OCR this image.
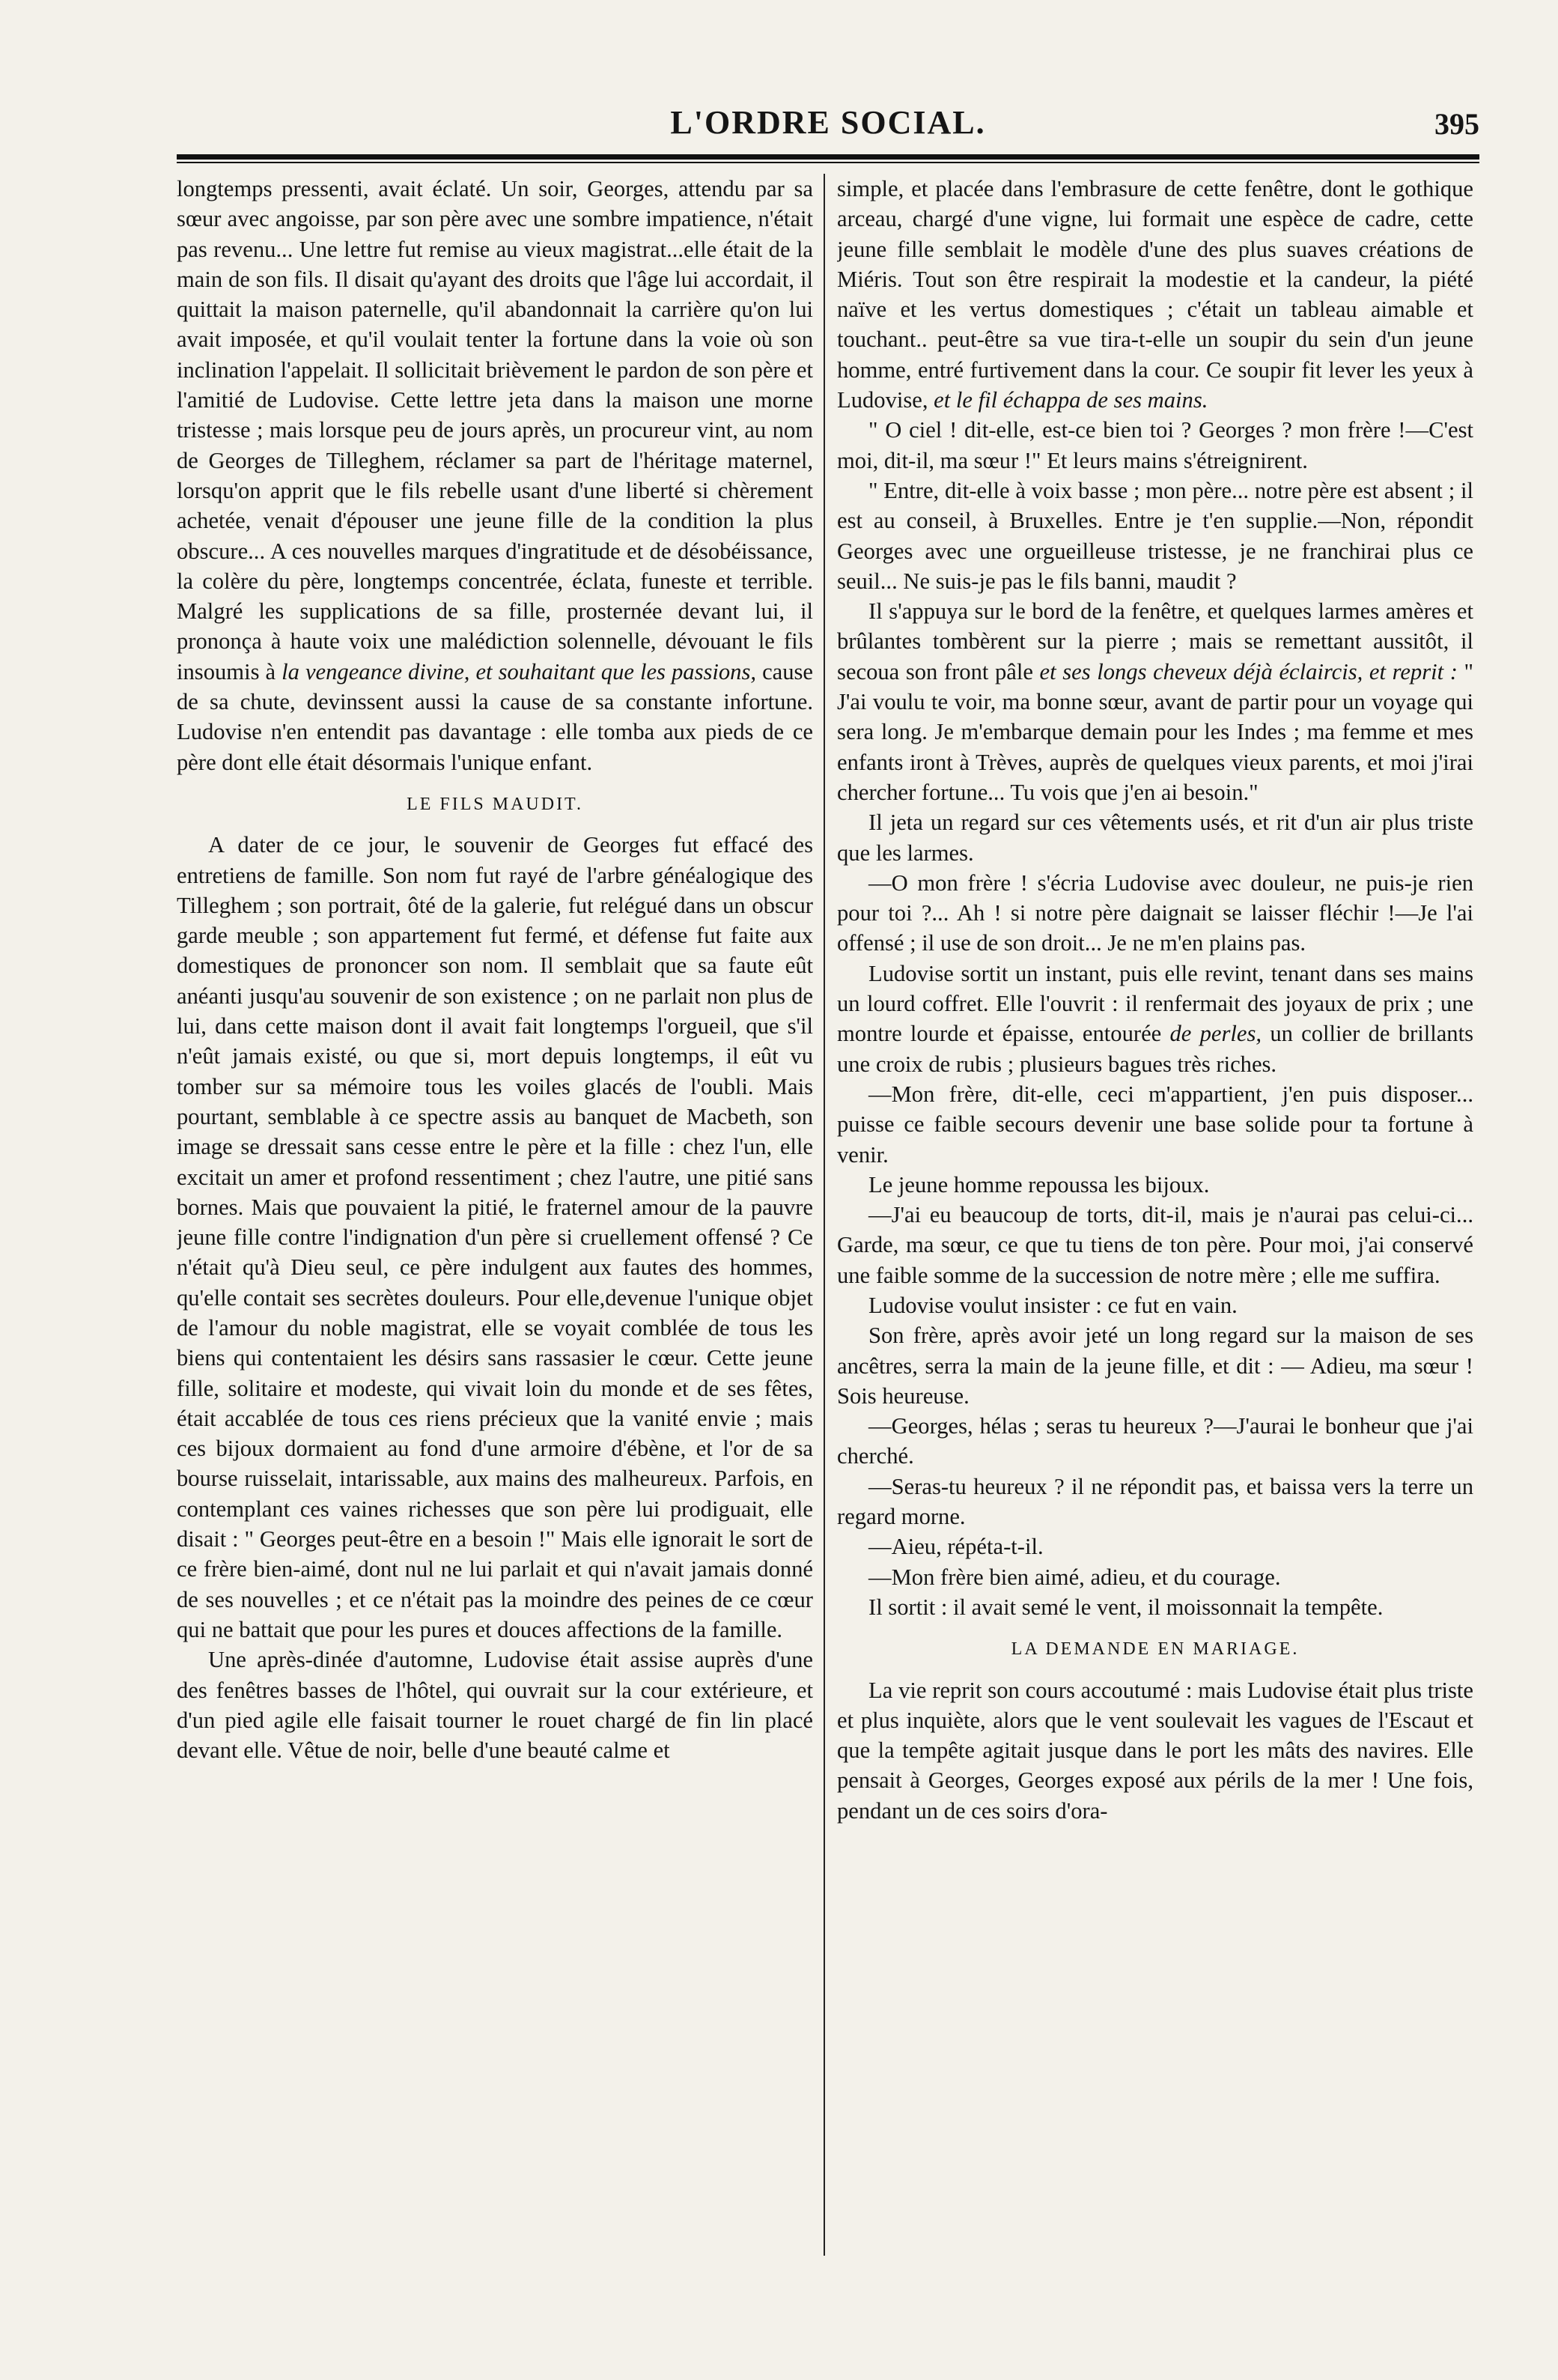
L'ORDRE SOCIAL.	395

longtemps pressenti, avait éclaté. Un soir, Georges, attendu par sa sœur avec angoisse, par son père avec une sombre impatience, n'était pas revenu... Une lettre fut remise au vieux magistrat...elle était de la main de son fils. Il disait qu'ayant des droits que l'âge lui accordait, il quittait la maison paternelle, qu'il abandonnait la carrière qu'on lui avait imposée, et qu'il voulait tenter la fortune dans la voie où son inclination l'appelait. Il sollicitait brièvement le pardon de son père et l'amitié de Ludovise. Cette lettre jeta dans la maison une morne tristesse ; mais lorsque peu de jours après, un procureur vint, au nom de Georges de Tilleghem, réclamer sa part de l'héritage maternel, lorsqu'on apprit que le fils rebelle usant d'une liberté si chèrement achetée, venait d'épouser une jeune fille de la condition la plus obscure... A ces nouvelles marques d'ingratitude et de désobéissance, la colère du père, longtemps concentrée, éclata, funeste et terrible. Malgré les supplications de sa fille, prosternée devant lui, il prononça à haute voix une malédiction solennelle, dévouant le fils insoumis à la vengeance divine, et souhaitant que les passions, cause de sa chute, devinssent aussi la cause de sa constante infortune. Ludovise n'en entendit pas davantage : elle tomba aux pieds de ce père dont elle était désormais l'unique enfant.

LE FILS MAUDIT.

A dater de ce jour, le souvenir de Georges fut effacé des entretiens de famille. Son nom fut rayé de l'arbre généalogique des Tilleghem ; son portrait, ôté de la galerie, fut relégué dans un obscur garde meuble ; son appartement fut fermé, et défense fut faite aux domestiques de prononcer son nom. Il semblait que sa faute eût anéanti jusqu'au souvenir de son existence ; on ne parlait non plus de lui, dans cette maison dont il avait fait longtemps l'orgueil, que s'il n'eût jamais existé, ou que si, mort depuis longtemps, il eût vu tomber sur sa mémoire tous les voiles glacés de l'oubli. Mais pourtant, semblable à ce spectre assis au banquet de Macbeth, son image se dressait sans cesse entre le père et la fille : chez l'un, elle excitait un amer et profond ressentiment ; chez l'autre, une pitié sans bornes. Mais que pouvaient la pitié, le fraternel amour de la pauvre jeune fille contre l'indignation d'un père si cruellement offensé ? Ce n'était qu'à Dieu seul, ce père indulgent aux fautes des hommes, qu'elle contait ses secrètes douleurs. Pour elle,devenue l'unique objet de l'amour du noble magistrat, elle se voyait comblée de tous les biens qui contentaient les désirs sans rassasier le cœur. Cette jeune fille, solitaire et modeste, qui vivait loin du monde et de ses fêtes, était accablée de tous ces riens précieux que la vanité envie ; mais ces bijoux dormaient au fond d'une armoire d'ébène, et l'or de sa bourse ruisselait, intarissable, aux mains des malheureux. Parfois, en contemplant ces vaines richesses que son père lui prodiguait, elle disait : " Georges peut-être en a besoin !" Mais elle ignorait le sort de ce frère bien-aimé, dont nul ne lui parlait et qui n'avait jamais donné de ses nouvelles ; et ce n'était pas la moindre des peines de ce cœur qui ne battait que pour les pures et douces affections de la famille.

Une après-dinée d'automne, Ludovise était assise auprès d'une des fenêtres basses de l'hôtel, qui ouvrait sur la cour extérieure, et d'un pied agile elle faisait tourner le rouet chargé de fin lin placé devant elle. Vêtue de noir, belle d'une beauté calme et

simple, et placée dans l'embrasure de cette fenêtre, dont le gothique arceau, chargé d'une vigne, lui formait une espèce de cadre, cette jeune fille semblait le modèle d'une des plus suaves créations de Miéris. Tout son être respirait la modestie et la candeur, la piété naïve et les vertus domestiques ; c'était un tableau aimable et touchant.. peut-être sa vue tira-t-elle un soupir du sein d'un jeune homme, entré furtivement dans la cour. Ce soupir fit lever les yeux à Ludovise, et le fil échappa de ses mains.

" O ciel ! dit-elle, est-ce bien toi ? Georges ? mon frère !—C'est moi, dit-il, ma sœur !" Et leurs mains s'étreignirent.

" Entre, dit-elle à voix basse ; mon père... notre père est absent ; il est au conseil, à Bruxelles. Entre je t'en supplie.—Non, répondit Georges avec une orgueilleuse tristesse, je ne franchirai plus ce seuil... Ne suis-je pas le fils banni, maudit ?

Il s'appuya sur le bord de la fenêtre, et quelques larmes amères et brûlantes tombèrent sur la pierre ; mais se remettant aussitôt, il secoua son front pâle et ses longs cheveux déjà éclaircis, et reprit : " J'ai voulu te voir, ma bonne sœur, avant de partir pour un voyage qui sera long. Je m'embarque demain pour les Indes ; ma femme et mes enfants iront à Trèves, auprès de quelques vieux parents, et moi j'irai chercher fortune... Tu vois que j'en ai besoin."

Il jeta un regard sur ces vêtements usés, et rit d'un air plus triste que les larmes.

—O mon frère ! s'écria Ludovise avec douleur, ne puis-je rien pour toi ?... Ah ! si notre père daignait se laisser fléchir !—Je l'ai offensé ; il use de son droit... Je ne m'en plains pas.

Ludovise sortit un instant, puis elle revint, tenant dans ses mains un lourd coffret. Elle l'ouvrit : il renfermait des joyaux de prix ; une montre lourde et épaisse, entourée de perles, un collier de brillants une croix de rubis ; plusieurs bagues très riches.

—Mon frère, dit-elle, ceci m'appartient, j'en puis disposer... puisse ce faible secours devenir une base solide pour ta fortune à venir.

Le jeune homme repoussa les bijoux.

—J'ai eu beaucoup de torts, dit-il, mais je n'aurai pas celui-ci... Garde, ma sœur, ce que tu tiens de ton père. Pour moi, j'ai conservé une faible somme de la succession de notre mère ; elle me suffira.

Ludovise voulut insister : ce fut en vain.

Son frère, après avoir jeté un long regard sur la maison de ses ancêtres, serra la main de la jeune fille, et dit : — Adieu, ma sœur ! Sois heureuse.

—Georges, hélas ; seras tu heureux ?—J'aurai le bonheur que j'ai cherché.

—Seras-tu heureux ? il ne répondit pas, et baissa vers la terre un regard morne.

—Aieu, répéta-t-il.

—Mon frère bien aimé, adieu, et du courage.

Il sortit : il avait semé le vent, il moissonnait la tempête.

LA DEMANDE EN MARIAGE.

La vie reprit son cours accoutumé : mais Ludovise était plus triste et plus inquiète, alors que le vent soulevait les vagues de l'Escaut et que la tempête agitait jusque dans le port les mâts des navires. Elle pensait à Georges, Georges exposé aux périls de la mer ! Une fois, pendant un de ces soirs d'ora-
